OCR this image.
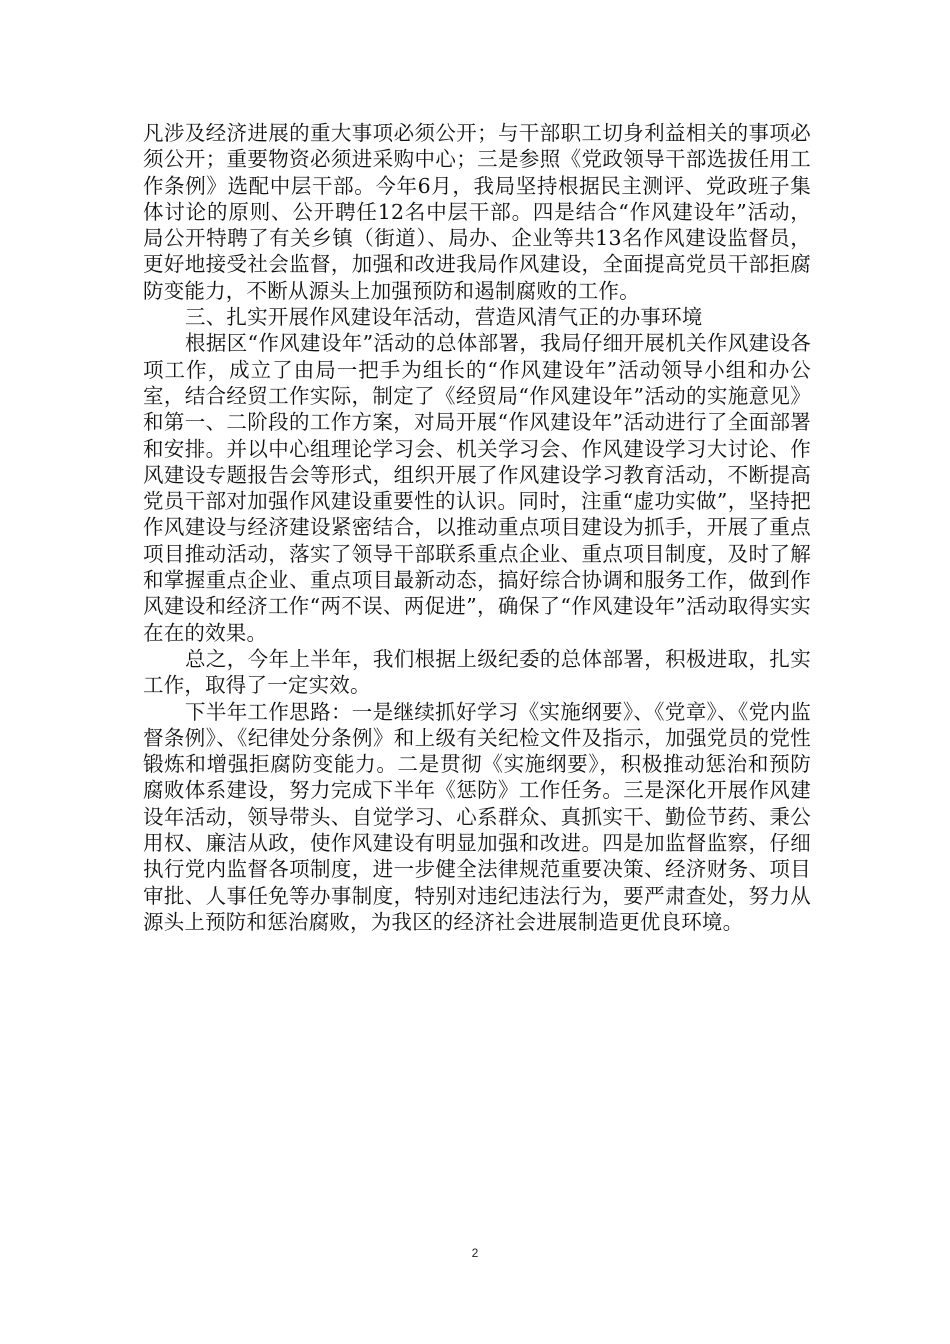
凡涉及经济进展的重大事项必须公开；与干部职工切身利益相关的事项必须公开；重要物资必须进采购中心；三是参照《党政领导干部选拔任用工作条例》选配中层干部。今年6月，我局坚持根据民主测评、党政班子集体讨论的原则、公开聘任12名中层干部。四是结合“作风建设年”活动，局公开特聘了有关乡镇（街道）、局办、企业等共13名作风建设监督员，更好地接受社会监督，加强和改进我局作风建设，全面提高党员干部拒腐防变能力，不断从源头上加强预防和遏制腐败的工作。

三、扎实开展作风建设年活动，营造风清气正的办事环境

根据区“作风建设年”活动的总体部署，我局仔细开展机关作风建设各项工作，成立了由局一把手为组长的“作风建设年”活动领导小组和办公室，结合经贸工作实际，制定了《经贸局“作风建设年”活动的实施意见》和第一、二阶段的工作方案，对局开展“作风建设年”活动进行了全面部署和安排。并以中心组理论学习会、机关学习会、作风建设学习大讨论、作风建设专题报告会等形式，组织开展了作风建设学习教育活动，不断提高党员干部对加强作风建设重要性的认识。同时，注重“虚功实做”，坚持把作风建设与经济建设紧密结合，以推动重点项目建设为抓手，开展了重点项目推动活动，落实了领导干部联系重点企业、重点项目制度，及时了解和掌握重点企业、重点项目最新动态，搞好综合协调和服务工作，做到作风建设和经济工作“两不误、两促进”，确保了“作风建设年”活动取得实实在在的效果。

总之，今年上半年，我们根据上级纪委的总体部署，积极进取，扎实工作，取得了一定实效。

下半年工作思路：一是继续抓好学习《实施纲要》、《党章》、《党内监督条例》、《纪律处分条例》和上级有关纪检文件及指示，加强党员的党性锻炼和增强拒腐防变能力。二是贯彻《实施纲要》，积极推动惩治和预防腐败体系建设，努力完成下半年《惩防》工作任务。三是深化开展作风建设年活动，领导带头、自觉学习、心系群众、真抓实干、勤俭节药、秉公用权、廉洁从政，使作风建设有明显加强和改进。四是加监督监察，仔细执行党内监督各项制度，进一步健全法律规范重要决策、经济财务、项目审批、人事任免等办事制度，特别对违纪违法行为，要严肃查处，努力从源头上预防和惩治腐败，为我区的经济社会进展制造更优良环境。

2
